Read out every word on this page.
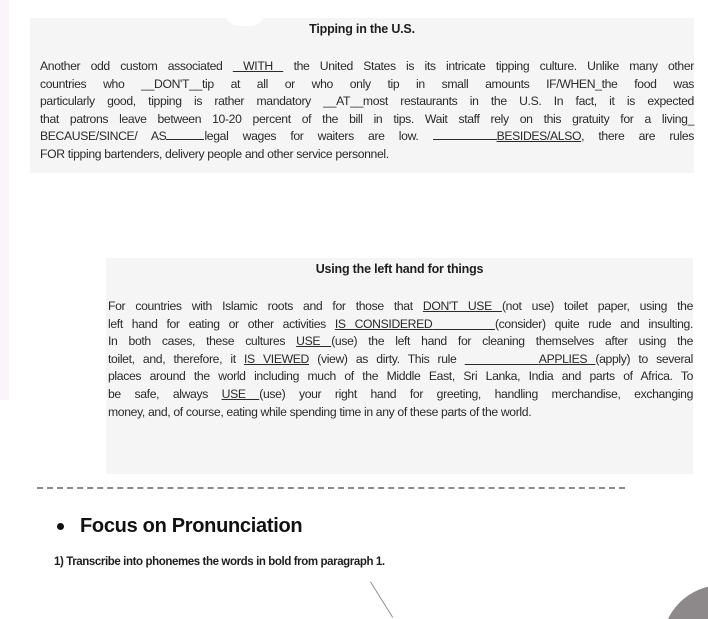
Tipping in the U.S.
Another odd custom associated  WITH  the United States is its intricate tipping culture. Unlike many other
countries who __DON'T__tip at all or who only tip in small amounts IF/WHEN_the food was
particularly good, tipping is rather mandatory __AT__most restaurants in the U.S. In fact, it is expected
that patrons leave between 10-20 percent of the bill in tips. Wait staff rely on this gratuity for a living_
BECAUSE/SINCE/ AS	legal wages for waiters are low.	BESIDES/ALSO, there are rules
FOR tipping bartenders, delivery people and other service personnel.
Using the left hand for things
For countries with Islamic roots and for those that DON'T USE (not use) toilet paper, using the
left hand for eating or other activities IS CONSIDERED	(consider) quite rude and insulting.
In both cases, these cultures USE (use) the left hand for cleaning themselves after using the
toilet, and, therefore, it IS VIEWED (view) as dirty. This rule	APPLIES (apply) to several
places around the world including much of the Middle East, Sri Lanka, India and parts of Africa. To
be safe, always USE (use) your right hand for greeting, handling merchandise, exchanging
money, and, of course, eating while spending time in any of these parts of the world.
Focus on Pronunciation
1) Transcribe into phonemes the words in bold from paragraph 1.
